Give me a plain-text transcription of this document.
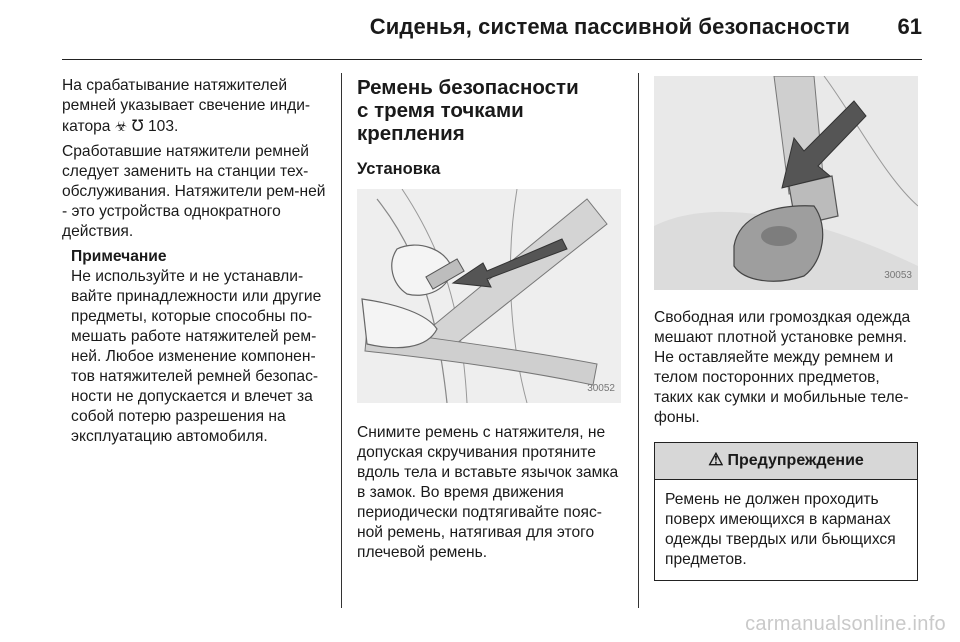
Сиденья, система пассивной безопасности 61

На срабатывание натяжителей ремней указывает свечение инди-катора ☣ ℧ 103.

Сработавшие натяжители ремней следует заменить на станции тех-обслуживания. Натяжители рем-ней - это устройства однократного действия.

Примечание
Не используйте и не устанавли-вайте принадлежности или другие предметы, которые способны по-мешать работе натяжителей рем-ней. Любое изменение компонен-тов натяжителей ремней безопас-ности не допускается и влечет за собой потерю разрешения на эксплуатацию автомобиля.
Ремень безопасности
с тремя точками крепления
Установка
30052

Снимите ремень с натяжителя, не допуская скручивания протяните вдоль тела и вставьте язычок замка в замок. Во время движения периодически подтягивайте пояс-ной ремень, натягивая для этого плечевой ремень.

30053

Свободная или громоздкая одежда мешают плотной установке ремня. Не оставляейте между ремнем и телом посторонних предметов, таких как сумки и мобильные теле-фоны.

⚠ Предупреждение
Ремень не должен проходить поверх имеющихся в карманах одежды твердых или бьющихся предметов.
carmanualsonline.info
